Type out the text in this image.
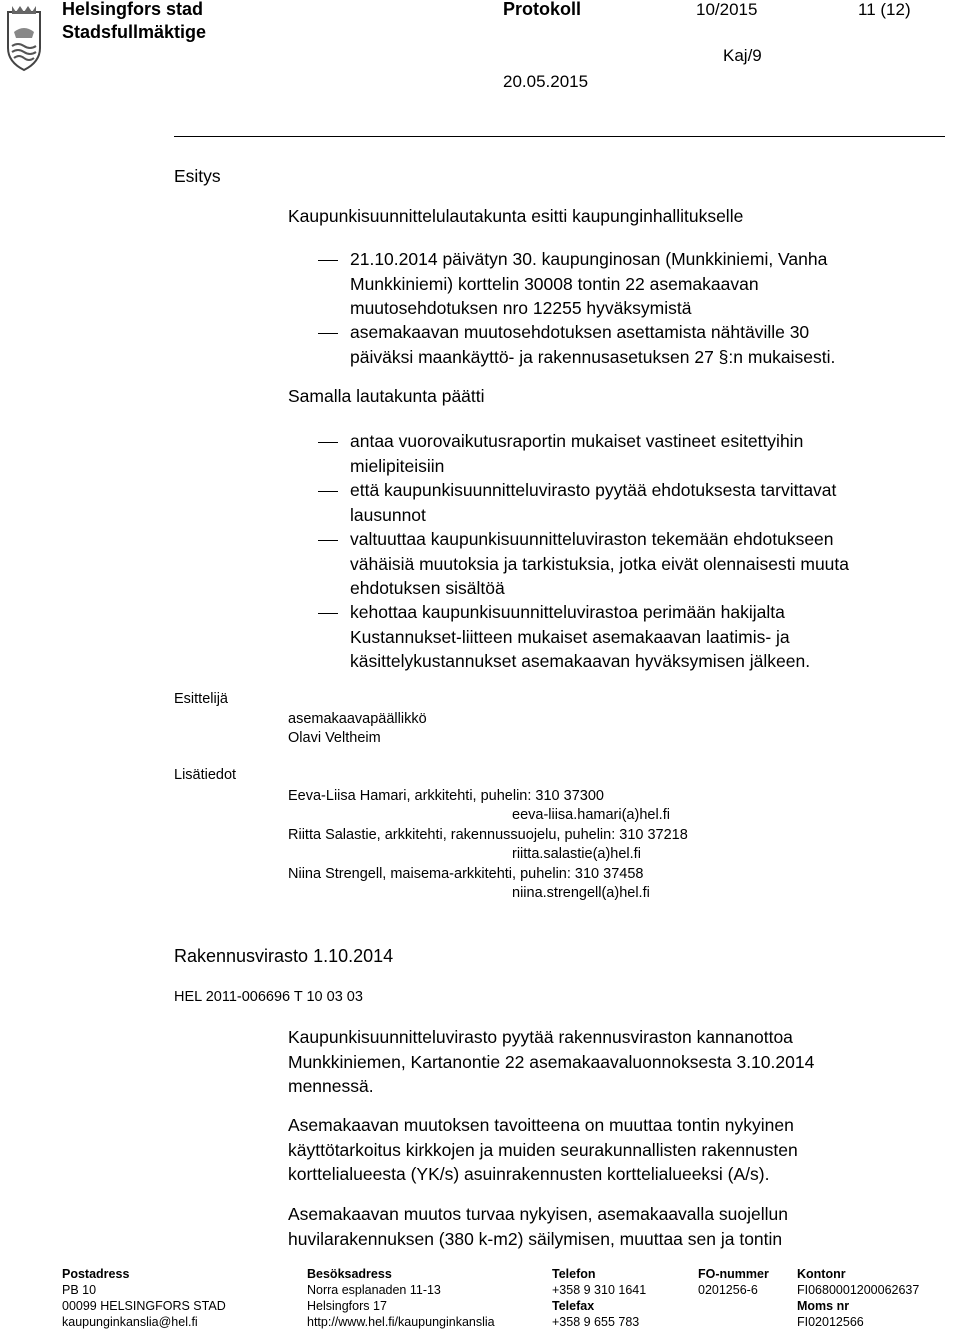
Helsingfors stad
Stadsfullmäktige
Protokoll	10/2015	11 (12)
Kaj/9
20.05.2015
Esitys
Kaupunkisuunnittelulautakunta esitti kaupunginhallitukselle
21.10.2014 päivätyn 30. kaupunginosan (Munkkiniemi, Vanha
Munkkiniemi) korttelin 30008 tontin 22 asemakaavan
muutosehdotuksen nro 12255 hyväksymistä
asemakaavan muutosehdotuksen asettamista nähtäville 30
päiväksi maankäyttö- ja rakennusasetuksen 27 §:n mukaisesti.
Samalla lautakunta päätti
antaa vuorovaikutusraportin mukaiset vastineet esitettyihin
mielipiteisiin
että kaupunkisuunnitteluvirasto pyytää ehdotuksesta tarvittavat
lausunnot
valtuuttaa kaupunkisuunnitteluviraston tekemään ehdotukseen
vähäisiä muutoksia ja tarkistuksia, jotka eivät olennaisesti muuta
ehdotuksen sisältöä
kehottaa kaupunkisuunnitteluvirastoa perimään hakijalta
Kustannukset-liitteen mukaiset asemakaavan laatimis- ja
käsittelykustannukset asemakaavan hyväksymisen jälkeen.
Esittelijä
asemakaavapäällikkö
Olavi Veltheim
Lisätiedot
Eeva-Liisa Hamari, arkkitehti, puhelin: 310 37300
eeva-liisa.hamari(a)hel.fi
Riitta Salastie, arkkitehti, rakennussuojelu, puhelin: 310 37218
riitta.salastie(a)hel.fi
Niina Strengell, maisema-arkkitehti, puhelin: 310 37458
niina.strengell(a)hel.fi
Rakennusvirasto 1.10.2014
HEL 2011-006696 T 10 03 03
Kaupunkisuunnitteluvirasto pyytää rakennusviraston kannanottoa
Munkkiniemen, Kartanontie 22 asemakaavaluonnoksesta 3.10.2014
mennessä.
Asemakaavan muutoksen tavoitteena on muuttaa tontin nykyinen
käyttötarkoitus kirkkojen ja muiden seurakunnallisten rakennusten
korttelialueesta (YK/s) asuinrakennusten korttelialueeksi (A/s).
Asemakaavan muutos turvaa nykyisen, asemakaavalla suojellun
huvilarakennuksen (380 k-m2) säilymisen, muuttaa sen ja tontin
Postadress
PB 10
00099 HELSINGFORS STAD
kaupunginkanslia@hel.fi
Besöksadress
Norra esplanaden 11-13
Helsingfors 17
http://www.hel.fi/kaupunginkanslia
Telefon
+358 9 310 1641
Telefax
+358 9 655 783
FO-nummer
0201256-6
Kontonr
FI0680001200062637
Moms nr
FI02012566
